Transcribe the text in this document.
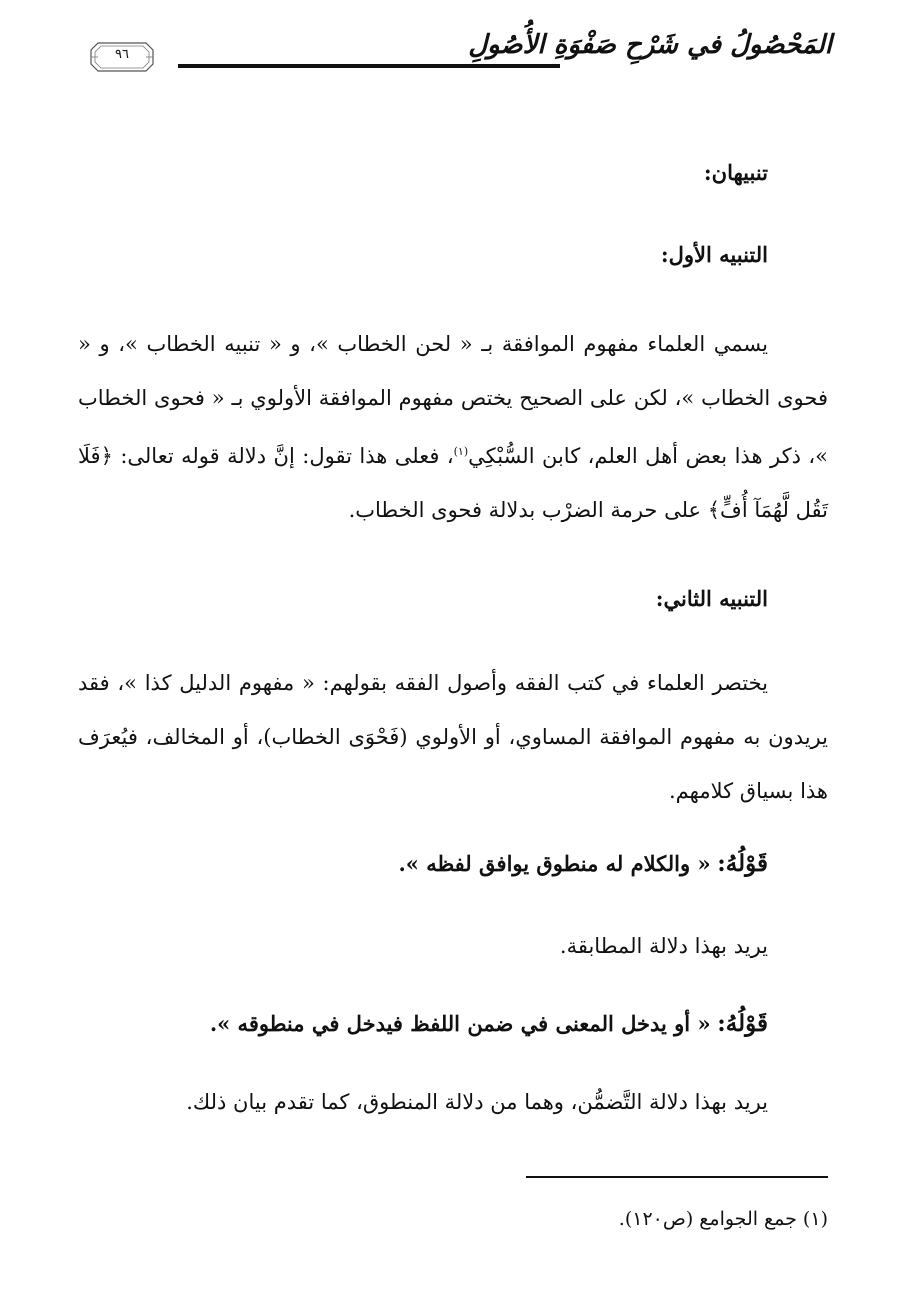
المَحْصُولُ في شَرْحِ صَفْوَةِ الأُصُولِ
٩٦
تنبيهان:
التنبيه الأول:
يسمي العلماء مفهوم الموافقة بـ « لحن الخطاب »، و « تنبيه الخطاب »، و « فحوى الخطاب »، لكن على الصحيح يختص مفهوم الموافقة الأولوي بـ « فحوى الخطاب »، ذكر هذا بعض أهل العلم، كابن السُّبْكِي$^{(١)}$، فعلى هذا تقول: إنَّ دلالة قوله تعالى: ﴿فَلَا تَقُل لَّهُمَآ أُفٍّ﴾ على حرمة الضرْب بدلالة فحوى الخطاب.
التنبيه الثاني:
يختصر العلماء في كتب الفقه وأصول الفقه بقولهم: « مفهوم الدليل كذا »، فقد يريدون به مفهوم الموافقة المساوي، أو الأولوي (فَحْوَى الخطاب)، أو المخالف، فيُعرَف هذا بسياق كلامهم.
قَوْلُهُ: « والكلام له منطوق يوافق لفظه ».
يريد بهذا دلالة المطابقة.
قَوْلُهُ: « أو يدخل المعنى في ضمن اللفظ فيدخل في منطوقه ».
يريد بهذا دلالة التَّضمُّن، وهما من دلالة المنطوق، كما تقدم بيان ذلك.
(١) جمع الجوامع (ص١٢٠).
